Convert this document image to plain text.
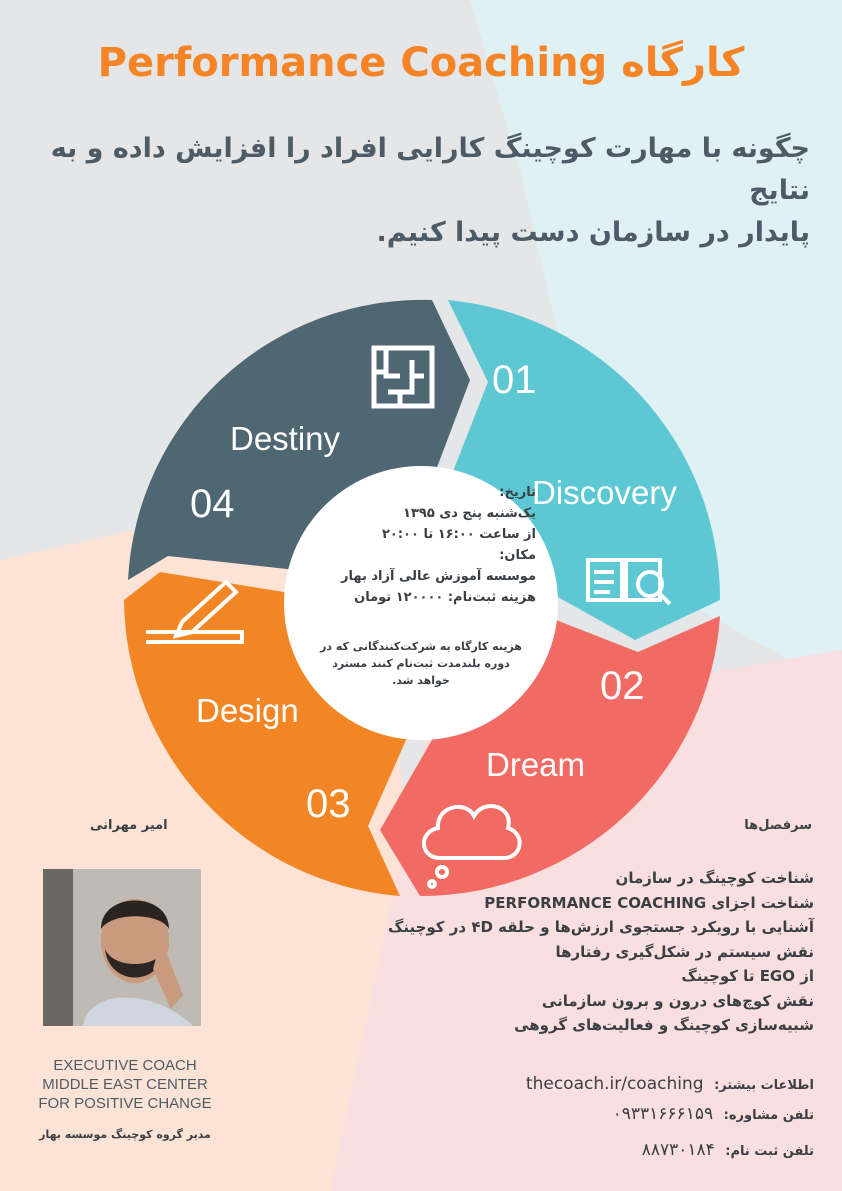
کارگاه Performance Coaching
چگونه با مهارت کوچینگ کارایی افراد را افزایش داده و به نتایج
پایدار در سازمان دست پیدا کنیم.
Destiny
04	Discovery
01
Dream
02
Design
03
تاریخ:
یک‌شنبه پنج دی ۱۳۹۵
از ساعت ۱۶:۰۰ تا ۲۰:۰۰
مکان:
موسسه آموزش عالی آزاد بهار
هزینه ثبت‌نام: ۱۲۰۰۰۰ تومان
هزینه کارگاه به شرکت‌کنندگانی که در دوره بلندمدت ثبت‌نام کنند مسترد خواهد شد.
امیر مهرانی
EXECUTIVE COACH
MIDDLE EAST CENTER
FOR POSITIVE CHANGE
مدیر گروه کوچینگ موسسه بهار
سرفصل‌ها
شناخت کوچینگ در سازمان
شناخت اجزای PERFORMANCE COACHING
آشنایی با رویکرد جستجوی ارزش‌ها و حلقه ۴D در کوچینگ
نقش سیستم در شکل‌گیری رفتارها
از EGO تا کوچینگ
نقش کوچ‌های درون و برون سازمانی
شبیه‌سازی کوچینگ و فعالیت‌های گروهی
اطلاعات بیشتر: thecoach.ir/coaching
تلفن مشاوره: ۰۹۳۳۱۶۶۶۱۵۹
تلفن ثبت نام: ۸۸۷۳۰۱۸۴
